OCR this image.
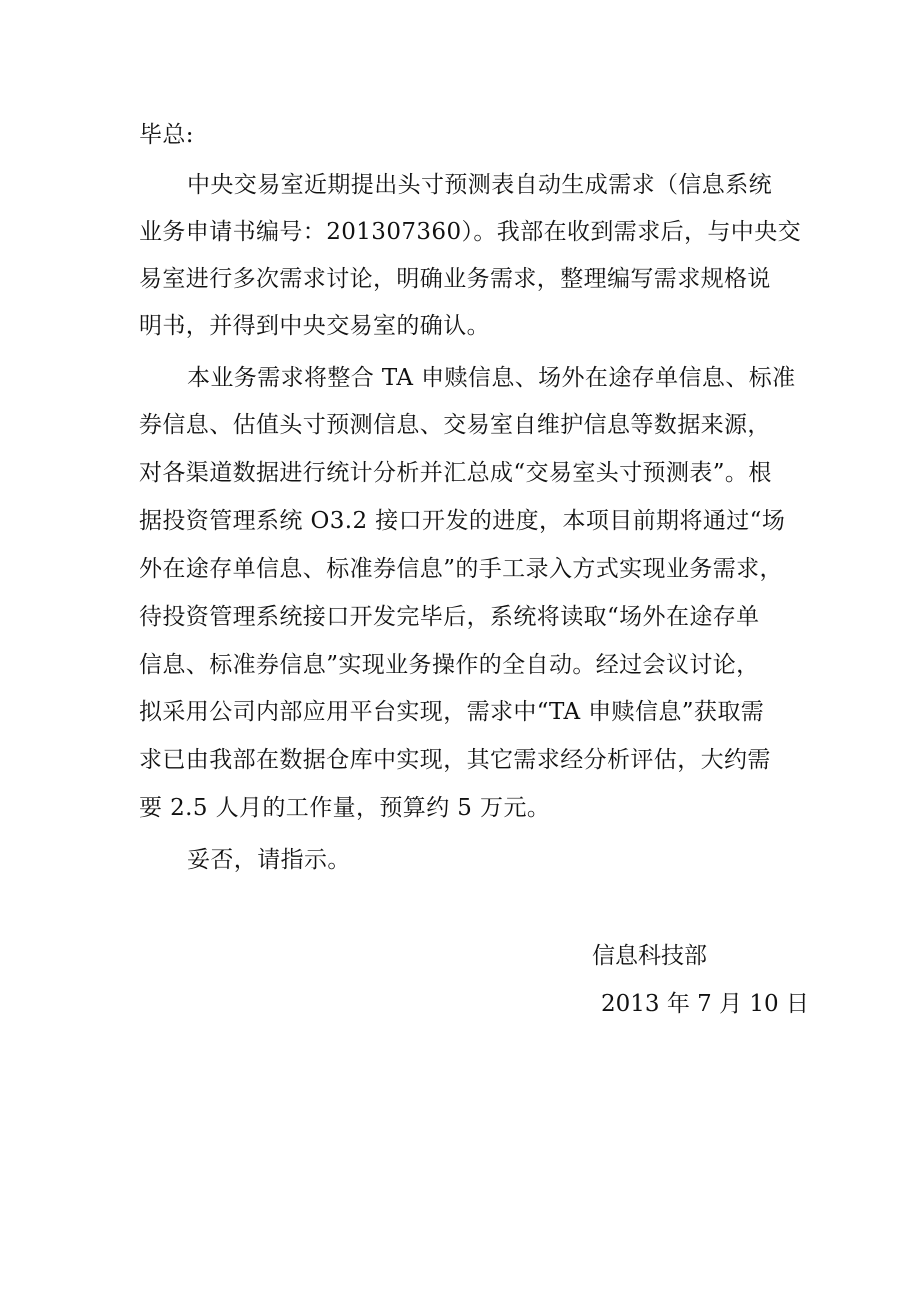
毕总:
中央交易室近期提出头寸预测表自动生成需求（信息系统
业务申请书编号：201307360）。我部在收到需求后，与中央交
易室进行多次需求讨论，明确业务需求，整理编写需求规格说
明书，并得到中央交易室的确认。
本业务需求将整合 TA 申赎信息、场外在途存单信息、标准
券信息、估值头寸预测信息、交易室自维护信息等数据来源，
对各渠道数据进行统计分析并汇总成“交易室头寸预测表”。根
据投资管理系统 O3.2 接口开发的进度，本项目前期将通过“场
外在途存单信息、标准券信息”的手工录入方式实现业务需求，
待投资管理系统接口开发完毕后，系统将读取“场外在途存单
信息、标准券信息”实现业务操作的全自动。经过会议讨论，
拟采用公司内部应用平台实现，需求中“TA 申赎信息”获取需
求已由我部在数据仓库中实现，其它需求经分析评估，大约需
要 2.5 人月的工作量，预算约 5 万元。
妥否，请指示。
信息科技部
2013 年 7 月 10 日
